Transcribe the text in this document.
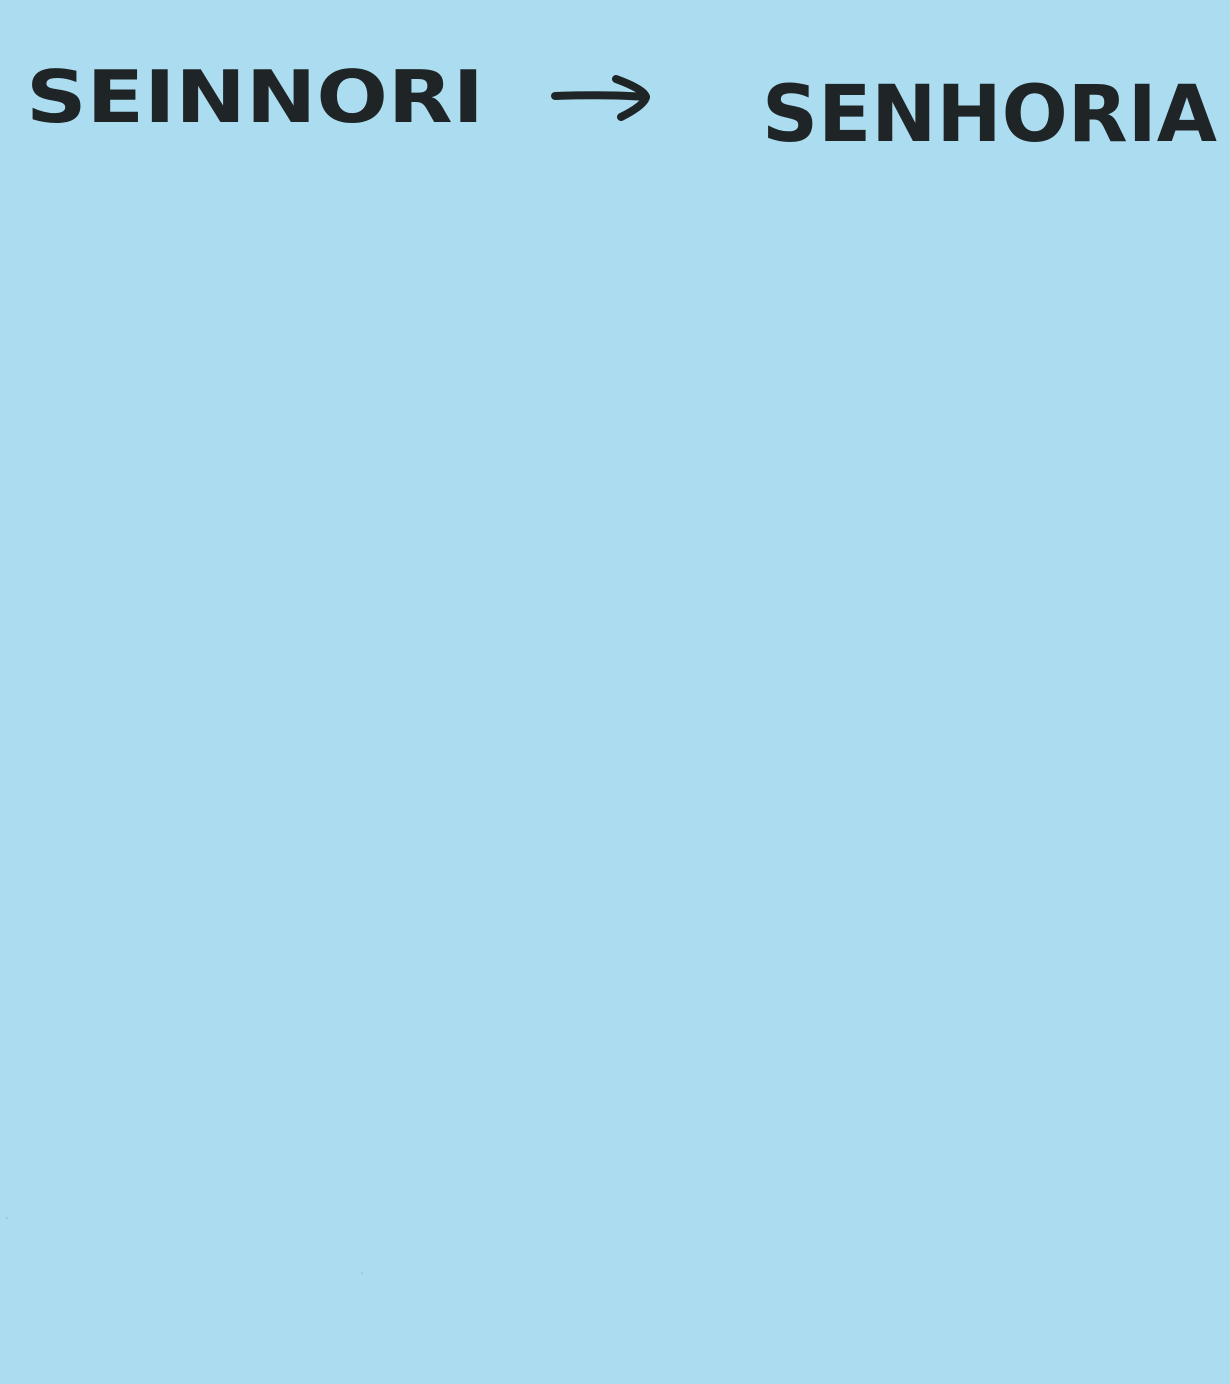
SEINNORI	SENHORIA
